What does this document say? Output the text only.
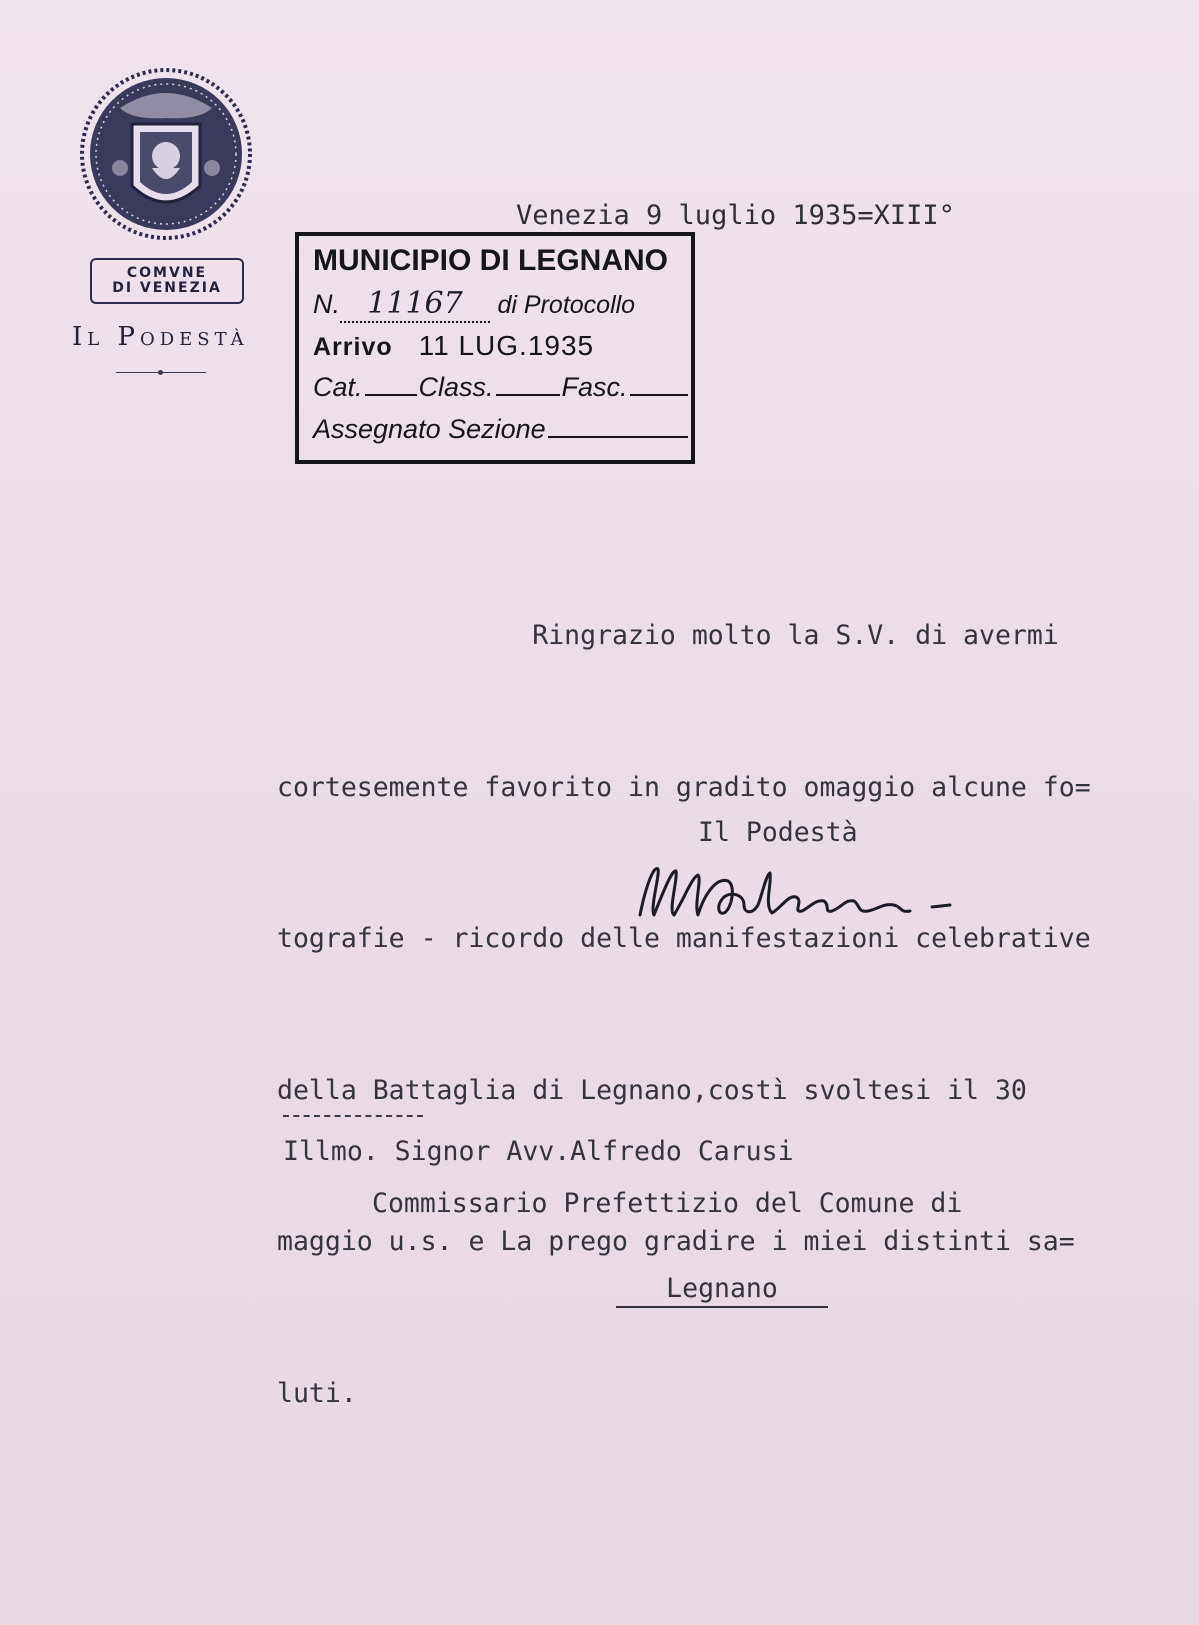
COMVNE
DI VENEZIA
Il Podestà
Venezia 9 luglio 1935=XIII°
MUNICIPIO DI LEGNANO
N. 11167 di Protocollo
Arrivo 11 LUG.1935
Cat. Class.	Fasc.
Assegnato Sezione

Ringrazio molto la S.V. di avermi

cortesemente favorito in gradito omaggio alcune fo=

tografie - ricordo delle manifestazioni celebrative

della Battaglia di Legnano,costì svoltesi il 30

maggio u.s. e La prego gradire i miei distinti sa=

luti.

Il Podestà
Illmo. Signor Avv.Alfredo Carusi
Commissario Prefettizio del Comune di
Legnano
